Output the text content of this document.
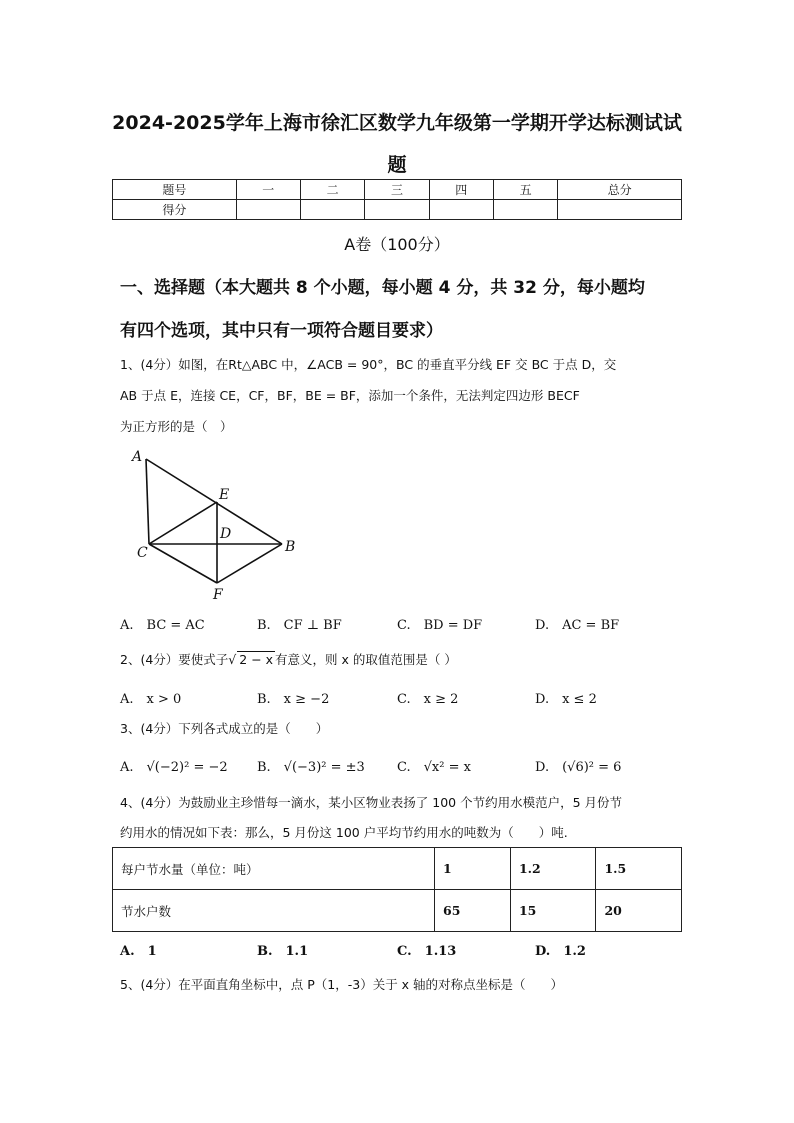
2024-2025学年上海市徐汇区数学九年级第一学期开学达标测试试
题
题号	一	二	三	四	五	总分
得分						
A卷（100分）
一、选择题（本大题共 8 个小题，每小题 4 分，共 32 分，每小题均
有四个选项，其中只有一项符合题目要求）
1、(4分）如图，在Rt△ABC 中，∠ACB = 90°，BC 的垂直平分线 EF 交 BC 于点 D，交
AB 于点 E，连接 CE，CF，BF，BE = BF，添加一个条件，无法判定四边形 BECF
为正方形的是（　）
A
E
D
C	B
F
A.　BC = AC	B.　CF ⊥ BF	C.　BD = DF	D.　AC = BF
2、(4分）要使式子√ 2 − x 有意义，则 x 的取值范围是（ ）
A.　x > 0	B.　x ≥ −2	C.　x ≥ 2	D.　x ≤ 2
3、(4分）下列各式成立的是（　　）
A.　√(−2)² = −2 B.　√(−3)² = ±3 C.　√x² = x	D.　(√6)² = 6
4、(4分）为鼓励业主珍惜每一滴水，某小区物业表扬了 100 个节约用水模范户，5 月份节
约用水的情况如下表：那么，5 月份这 100 户平均节约用水的吨数为（　　）吨.
每户节水量（单位：吨）	1	1.2	1.5
节水户数	65	15	20
A.　1	B.　1.1	C.　1.13	D.　1.2
5、(4分）在平面直角坐标中，点 P（1，-3）关于 x 轴的对称点坐标是（　　）
